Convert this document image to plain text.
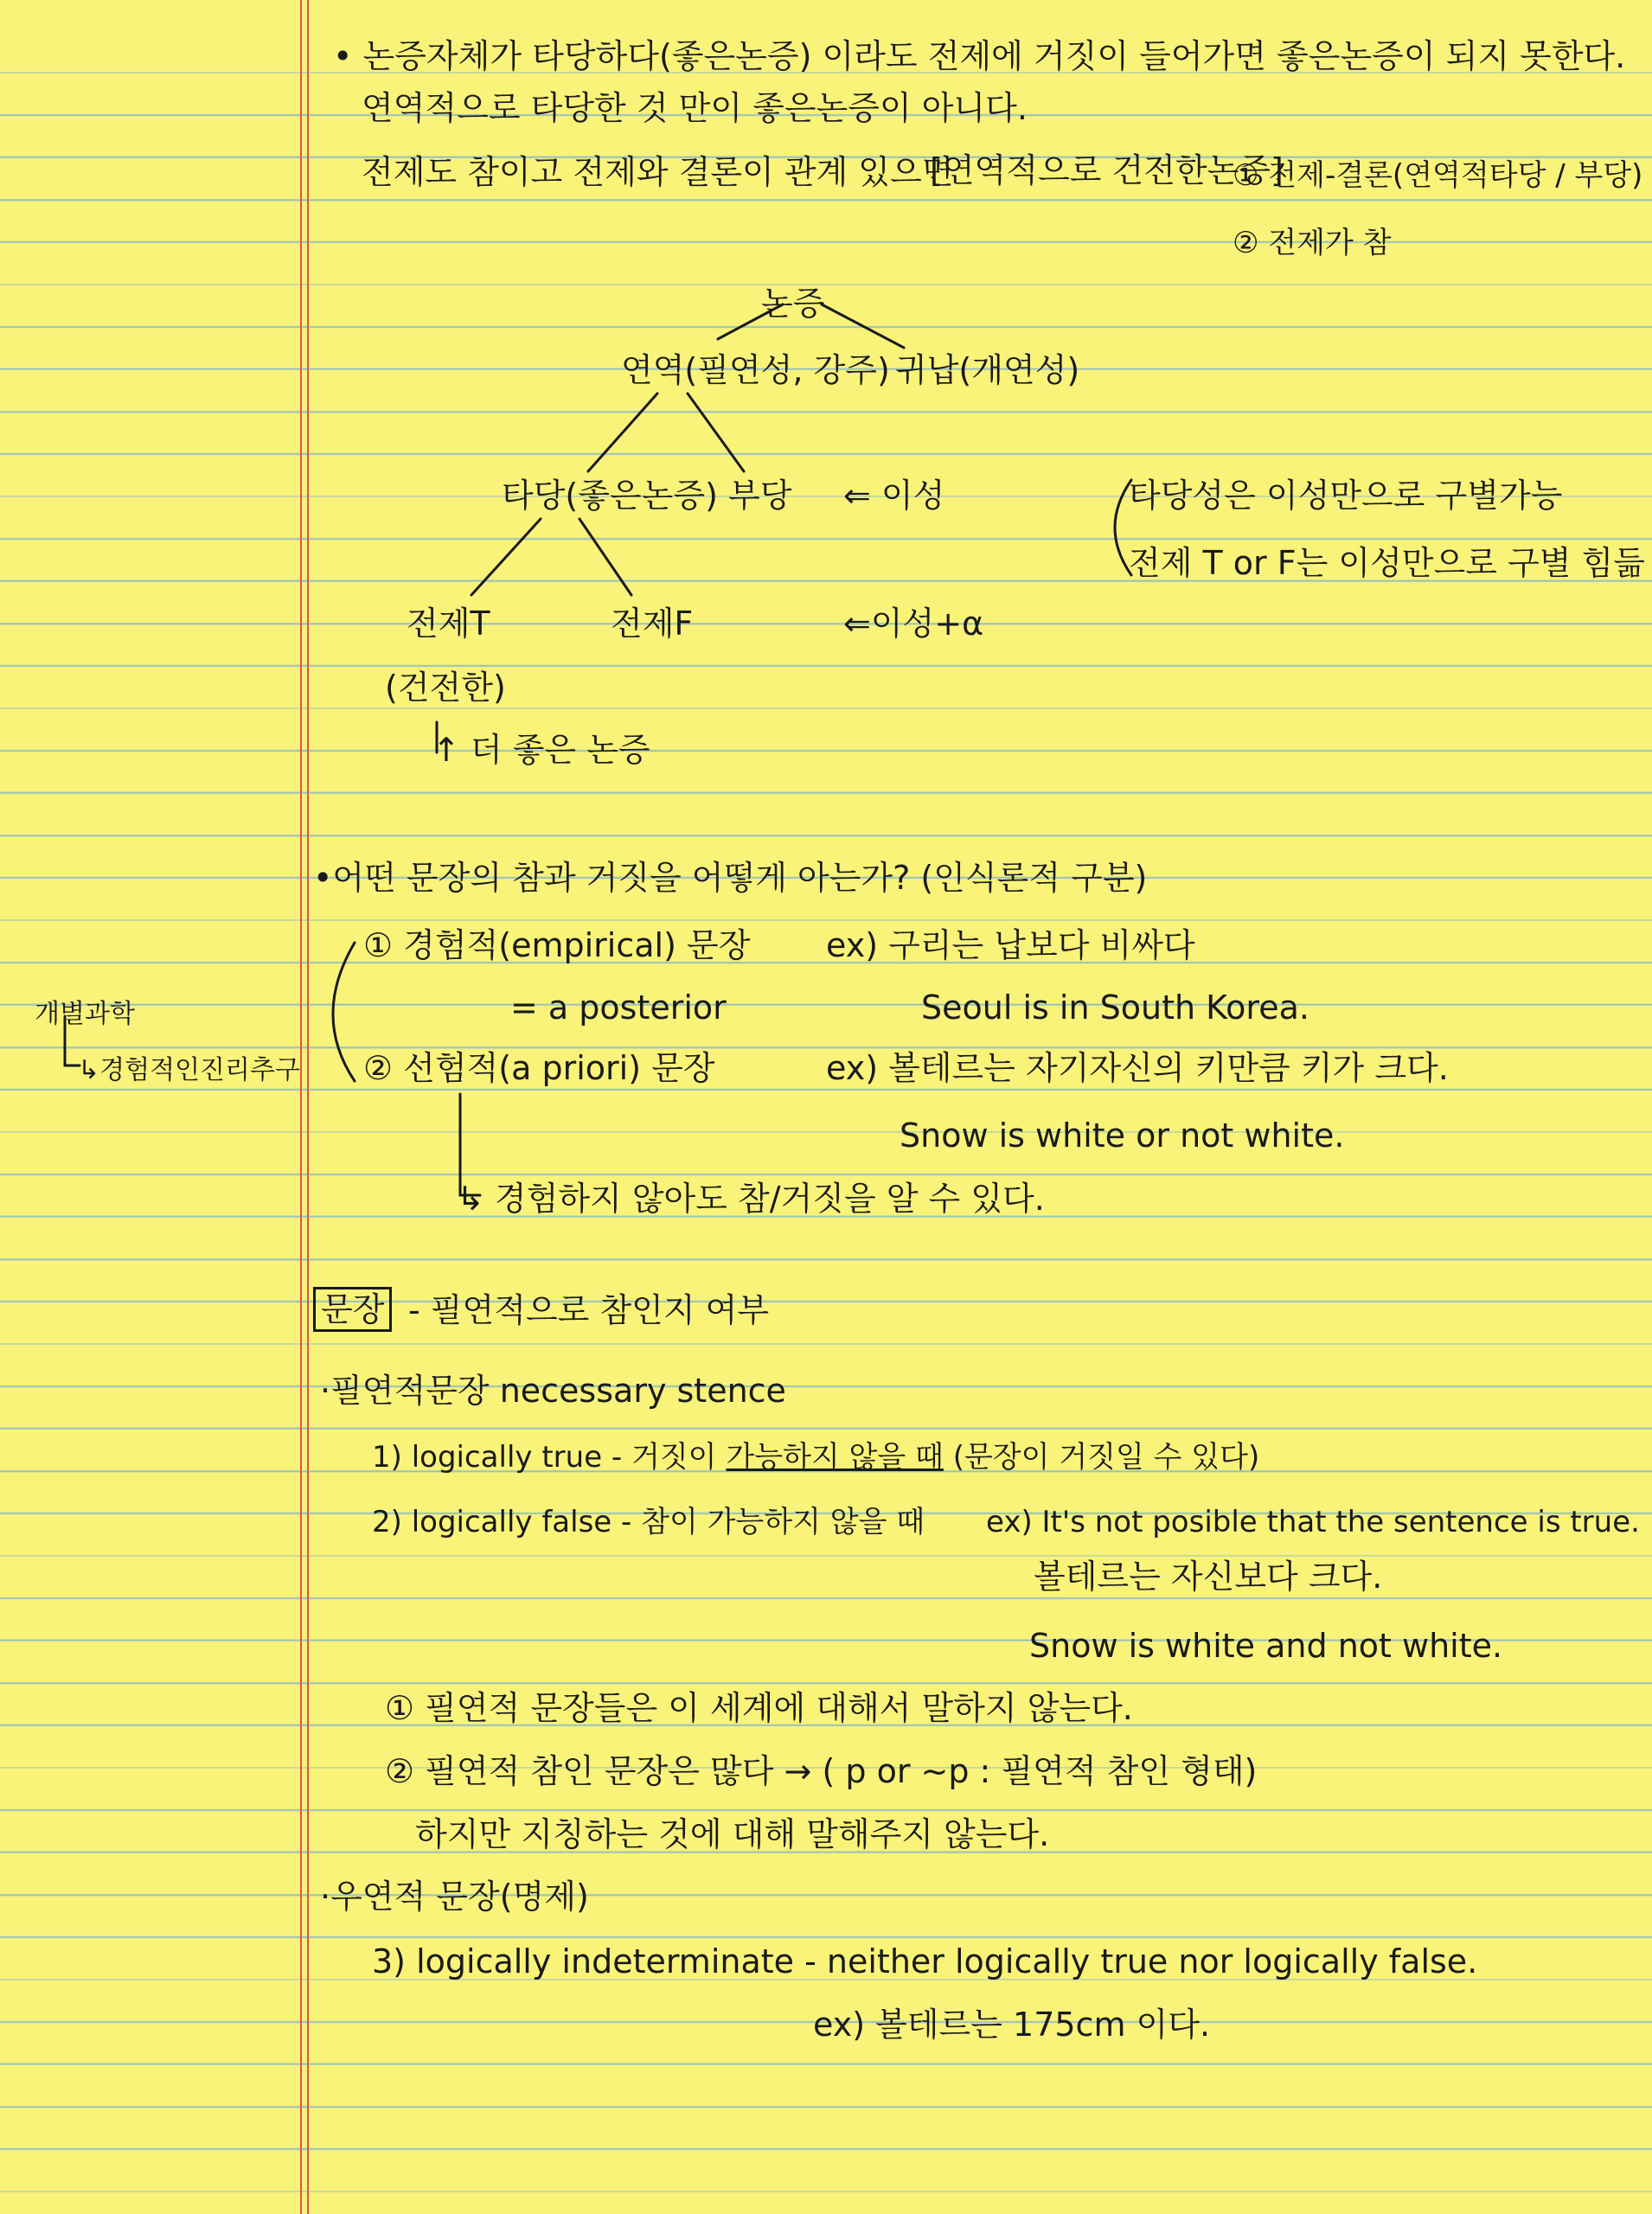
• 논증자체가 타당하다(좋은논증) 이라도 전제에 거짓이 들어가면 좋은논증이 되지 못한다.
연역적으로 타당한 것 만이 좋은논증이 아니다.
전제도 참이고 전제와 결론이 관계 있으면
[연역적으로 건전한논증]
① 전제-결론(연역적타당 / 부당)
② 전제가 참
논증
연역(필연성, 강주) 귀납(개연성)
타당(좋은논증) 부당 ⇐ 이성
전제T	전제F	⇐이성+α
(건전한)
↑ 더 좋은 논증
타당성은 이성만으로 구별가능
전제 T or F는 이성만으로 구별 힘듦
•어떤 문장의 참과 거짓을 어떻게 아는가? (인식론적 구분)
개별과학
↳경험적인진리추구
① 경험적(empirical) 문장 ex) 구리는 납보다 비싸다
= a posterior	Seoul is in South Korea.
② 선험적(a priori) 문장	ex) 볼테르는 자기자신의 키만큼 키가 크다.
Snow is white or not white.
↳ 경험하지 않아도 참/거짓을 알 수 있다.
문장 - 필연적으로 참인지 여부
·필연적문장 necessary stence
1) logically true - 거짓이 가능하지 않을 때 (문장이 거짓일 수 있다)
2) logically false - 참이 가능하지 않을 때 ex) It's not posible that the sentence is true.
볼테르는 자신보다 크다.
Snow is white and not white.
① 필연적 문장들은 이 세계에 대해서 말하지 않는다.
② 필연적 참인 문장은 많다 → ( p or ~p : 필연적 참인 형태)
하지만 지칭하는 것에 대해 말해주지 않는다.
·우연적 문장(명제)
3) logically indeterminate - neither logically true nor logically false.
ex) 볼테르는 175cm 이다.
